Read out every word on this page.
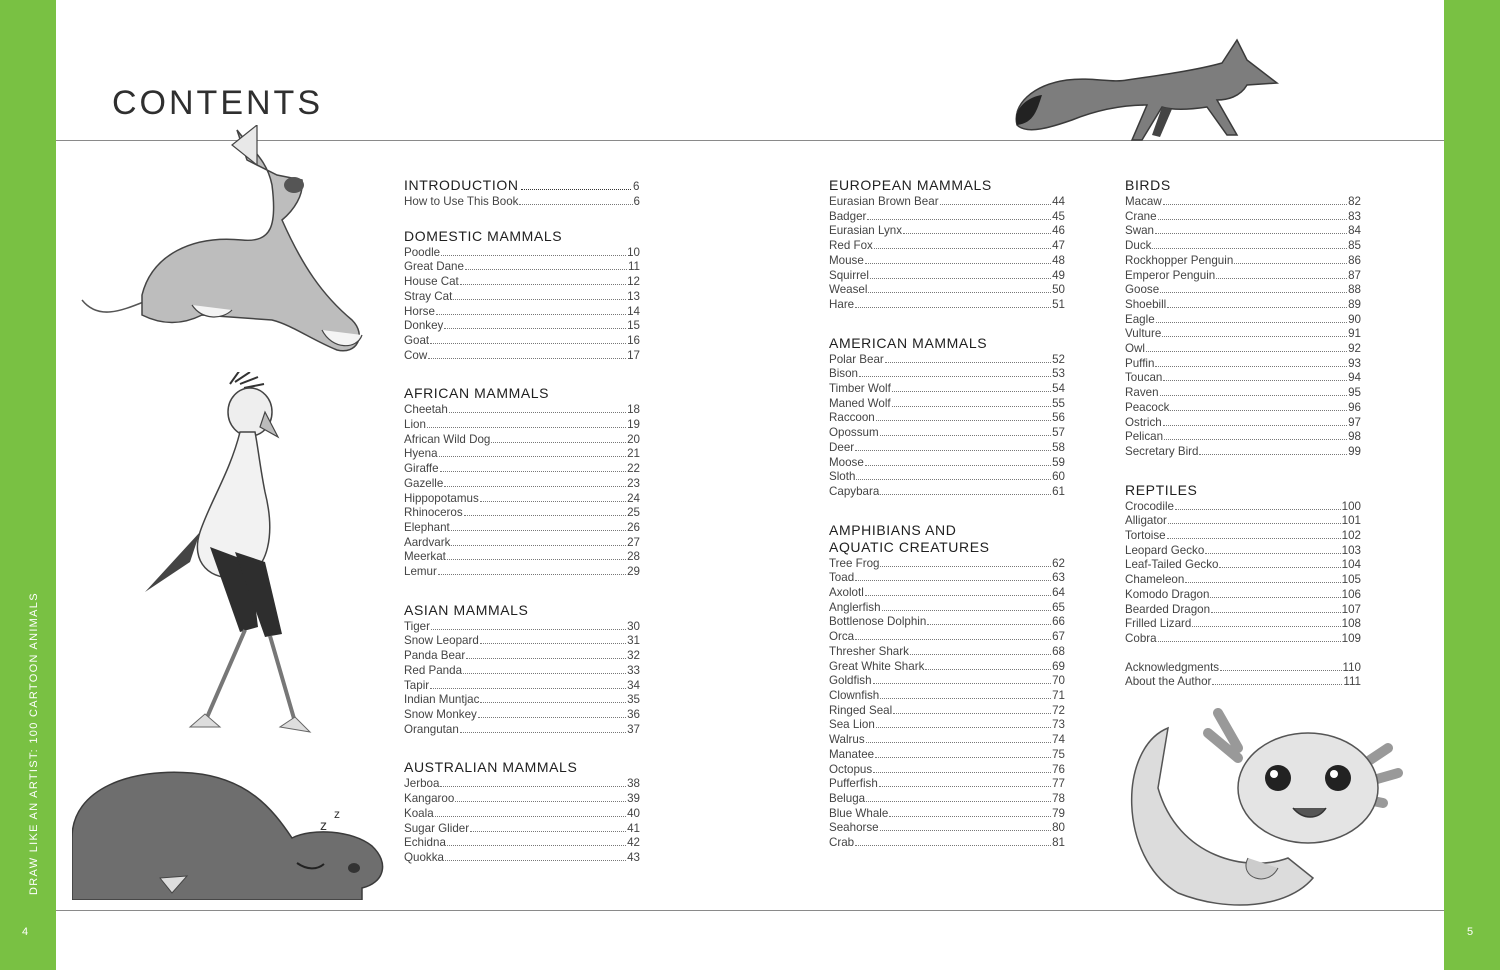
DRAW LIKE AN ARTIST: 100 CARTOON ANIMALS
4	5
CONTENTS
z
z
INTRODUCTION	6
How to Use This Book	6
DOMESTIC MAMMALS
Poodle	10
Great Dane	11
House Cat	12
Stray Cat	13
Horse	14
Donkey	15
Goat	16
Cow	17
AFRICAN MAMMALS
Cheetah	18
Lion	19
African Wild Dog	20
Hyena	21
Giraffe	22
Gazelle	23
Hippopotamus	24
Rhinoceros	25
Elephant	26
Aardvark	27
Meerkat	28
Lemur	29
ASIAN MAMMALS
Tiger	30
Snow Leopard	31
Panda Bear	32
Red Panda	33
Tapir	34
Indian Muntjac	35
Snow Monkey	36
Orangutan	37
AUSTRALIAN MAMMALS
Jerboa	38
Kangaroo	39
Koala	40
Sugar Glider	41
Echidna	42
Quokka	43
EUROPEAN MAMMALS
Eurasian Brown Bear	44
Badger	45
Eurasian Lynx	46
Red Fox	47
Mouse	48
Squirrel	49
Weasel	50
Hare	51
AMERICAN MAMMALS
Polar Bear	52
Bison	53
Timber Wolf	54
Maned Wolf	55
Raccoon	56
Opossum	57
Deer	58
Moose	59
Sloth	60
Capybara	61
AMPHIBIANS AND AQUATIC CREATURES
Tree Frog	62
Toad	63
Axolotl	64
Anglerfish	65
Bottlenose Dolphin	66
Orca	67
Thresher Shark	68
Great White Shark	69
Goldfish	70
Clownfish	71
Ringed Seal	72
Sea Lion	73
Walrus	74
Manatee	75
Octopus	76
Pufferfish	77
Beluga	78
Blue Whale	79
Seahorse	80
Crab	81
BIRDS
Macaw	82
Crane	83
Swan	84
Duck	85
Rockhopper Penguin	86
Emperor Penguin	87
Goose	88
Shoebill	89
Eagle	90
Vulture	91
Owl	92
Puffin	93
Toucan	94
Raven	95
Peacock	96
Ostrich	97
Pelican	98
Secretary Bird	99
REPTILES
Crocodile	100
Alligator	101
Tortoise	102
Leopard Gecko	103
Leaf-Tailed Gecko	104
Chameleon	105
Komodo Dragon	106
Bearded Dragon	107
Frilled Lizard	108
Cobra	109
Acknowledgments	110
About the Author	111
